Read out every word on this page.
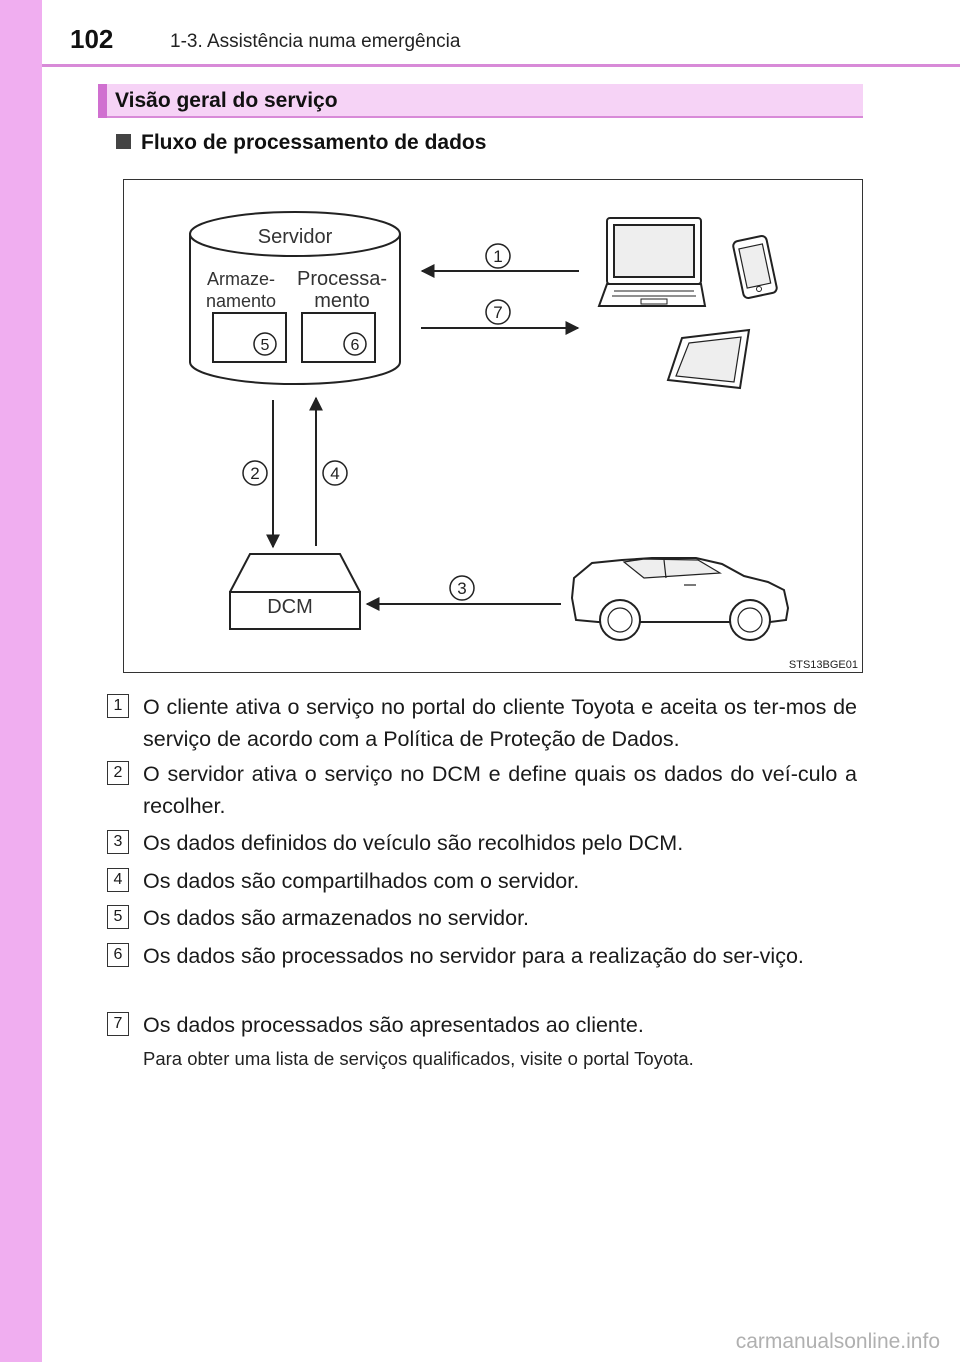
102	1-3. Assistência numa emergência
Visão geral do serviço
Fluxo de processamento de dados
Servidor
Armaze-
namento
Processa-
mento
5	6
1
7
2	4
DCM
3
STS13BGE01
1 O cliente ativa o serviço no portal do cliente Toyota e aceita os ter-mos de serviço de acordo com a Política de Proteção de Dados.
2 O servidor ativa o serviço no DCM e define quais os dados do veí-culo a recolher.
3 Os dados definidos do veículo são recolhidos pelo DCM.
4 Os dados são compartilhados com o servidor.
5 Os dados são armazenados no servidor.
6 Os dados são processados no servidor para a realização do ser-viço.
7 Os dados processados são apresentados ao cliente.
Para obter uma lista de serviços qualificados, visite o portal Toyota.
carmanualsonline.info
